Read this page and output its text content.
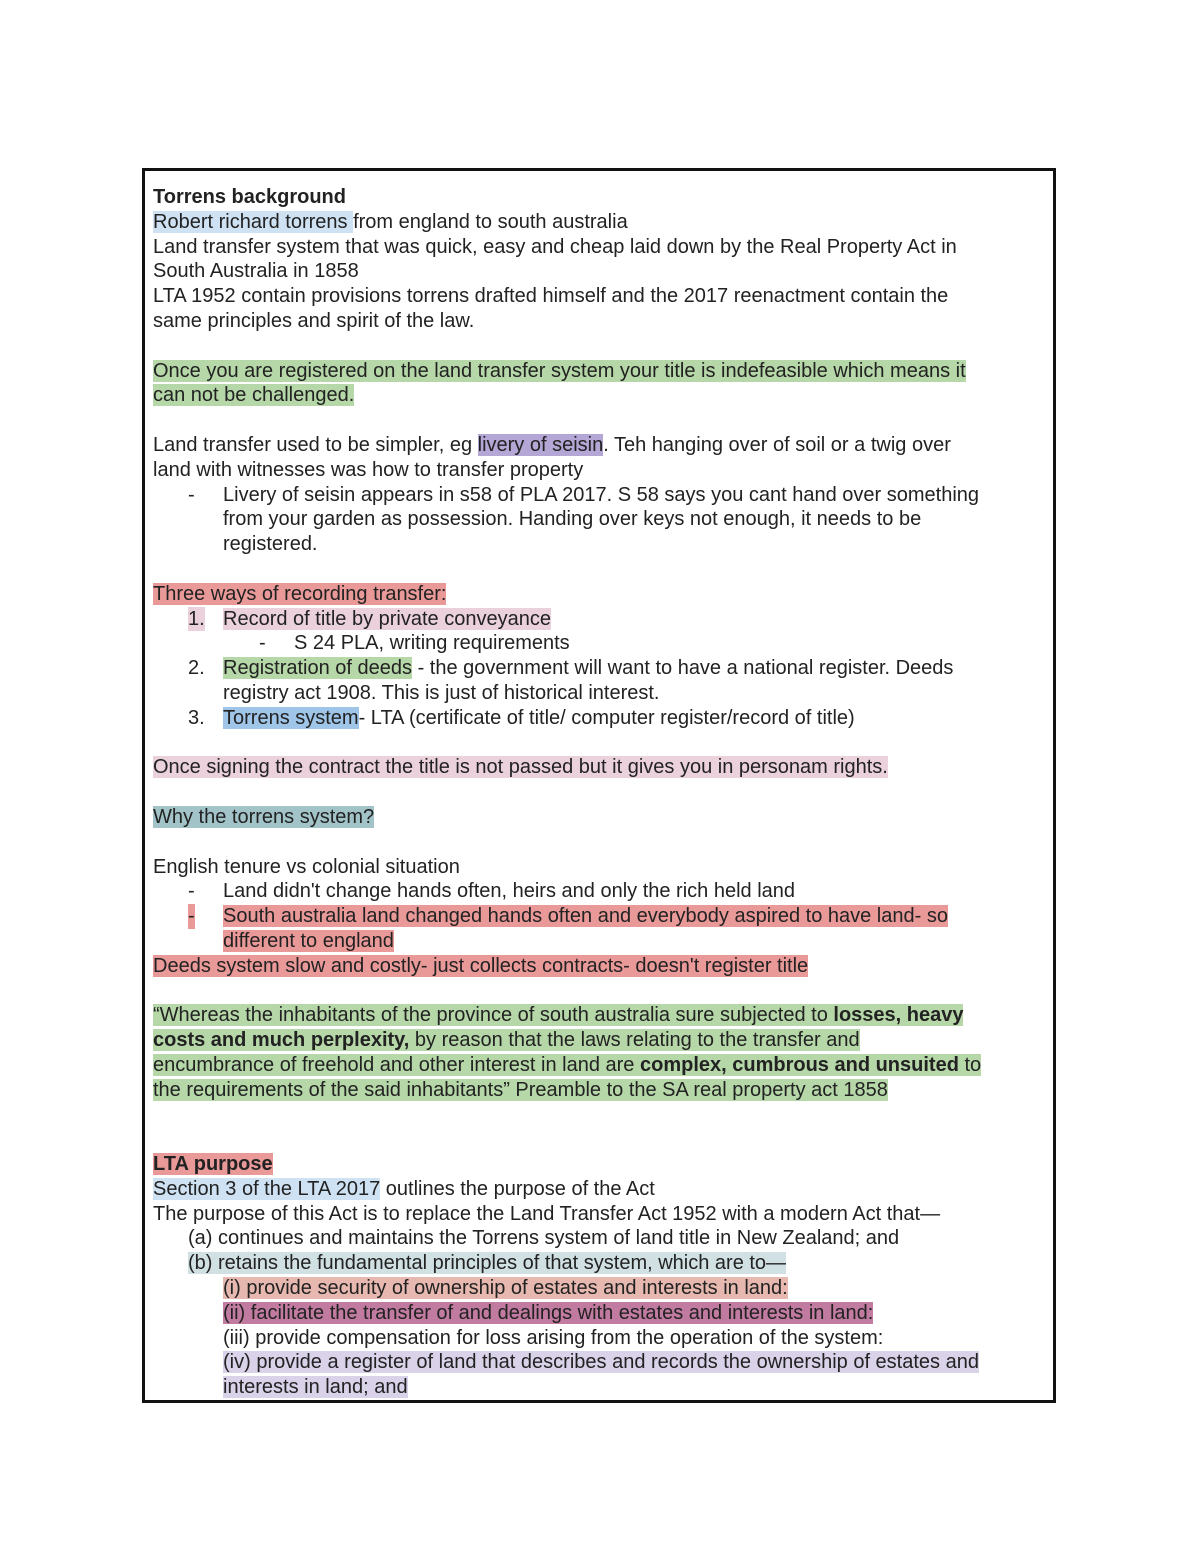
Torrens background
Robert richard torrens from england to south australia
Land transfer system that was quick, easy and cheap laid down by the Real Property Act in
South Australia in 1858
LTA 1952 contain provisions torrens drafted himself and the 2017 reenactment contain the
same principles and spirit of the law.
Once you are registered on the land transfer system your title is indefeasible which means it
can not be challenged.
Land transfer used to be simpler, eg livery of seisin. Teh hanging over of soil or a twig over
land with witnesses was how to transfer property
- Livery of seisin appears in s58 of PLA 2017. S 58 says you cant hand over something
from your garden as possession. Handing over keys not enough, it needs to be
registered.
Three ways of recording transfer:
1. Record of title by private conveyance
- S 24 PLA, writing requirements
2. Registration of deeds - the government will want to have a national register. Deeds
registry act 1908. This is just of historical interest.
3. Torrens system- LTA (certificate of title/ computer register/record of title)
Once signing the contract the title is not passed but it gives you in personam rights.
Why the torrens system?
English tenure vs colonial situation
- Land didn't change hands often, heirs and only the rich held land
- South australia land changed hands often and everybody aspired to have land- so
different to england
Deeds system slow and costly- just collects contracts- doesn't register title
“Whereas the inhabitants of the province of south australia sure subjected to losses, heavy
costs and much perplexity, by reason that the laws relating to the transfer and
encumbrance of freehold and other interest in land are complex, cumbrous and unsuited to
the requirements of the said inhabitants” Preamble to the SA real property act 1858
LTA purpose
Section 3 of the LTA 2017 outlines the purpose of the Act
The purpose of this Act is to replace the Land Transfer Act 1952 with a modern Act that—
(a) continues and maintains the Torrens system of land title in New Zealand; and
(b) retains the fundamental principles of that system, which are to—
(i) provide security of ownership of estates and interests in land:
(ii) facilitate the transfer of and dealings with estates and interests in land:
(iii) provide compensation for loss arising from the operation of the system:
(iv) provide a register of land that describes and records the ownership of estates and
interests in land; and
